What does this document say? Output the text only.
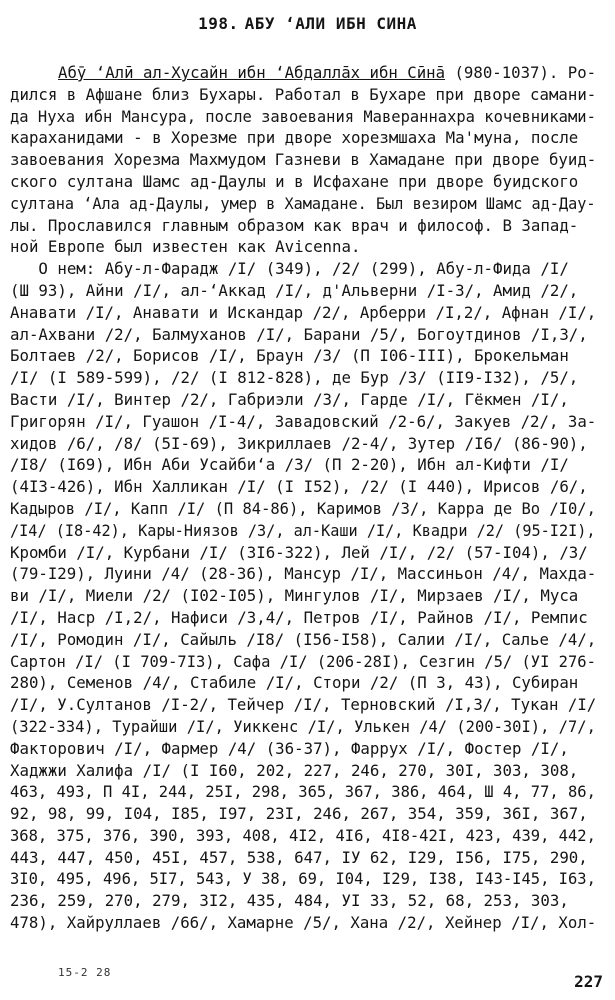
198. АБУ ʻАЛИ ИБН СИНА
Абӯ ʻАлӣ ал-Хусайн ибн ʻАбдаллāх ибн Сӣнā (980-1037). Ро-
дился в Афшане близ Бухары. Работал в Бухаре при дворе самани-
да Нуха ибн Мансура, после завоевания Мавераннахра кочевниками-
караханидами - в Хорезме при дворе хорезмшаха Ма'муна, после
завоевания Хорезма Махмудом Газневи в Хамадане при дворе буид-
ского султана Шамс ад-Даулы и в Исфахане при дворе буидского
султана ʻАла ад-Даулы, умер в Хамадане. Был везиром Шамс ад-Дау-
лы. Прославился главным образом как врач и философ. В Запад-
ной Европе был известен как Avicenna.
О нем: Абу-л-Фарадж /I/ (349), /2/ (299), Абу-л-Фида /I/
(Ш 93), Айни /I/, ал-ʻАккад /I/, д'Альверни /I-3/, Амид /2/,
Анавати /I/, Анавати и Искандар /2/, Арберри /I,2/, Афнан /I/,
ал-Ахвани /2/, Балмуханов /I/, Барани /5/, Богоутдинов /I,3/,
Болтаев /2/, Борисов /I/, Браун /3/ (П I06-III), Брокельман
/I/ (I 589-599), /2/ (I 812-828), де Бур /3/ (II9-I32), /5/,
Васти /I/, Винтер /2/, Габриэли /3/, Гарде /I/, Гёкмен /I/,
Григорян /I/, Гуашон /I-4/, Завадовский /2-6/, Закуев /2/, За-
хидов /6/, /8/ (5I-69), Зикриллаев /2-4/, Зутер /I6/ (86-90),
/I8/ (I69), Ибн Аби Усайбиʻа /3/ (П 2-20), Ибн ал-Кифти /I/
(4I3-426), Ибн Халликан /I/ (I I52), /2/ (I 440), Ирисов /6/,
Кадыров /I/, Капп /I/ (П 84-86), Каримов /3/, Карра де Во /I0/,
/I4/ (I8-42), Кары-Ниязов /3/, ал-Каши /I/, Квадри /2/ (95-I2I),
Кромби /I/, Курбани /I/ (3I6-322), Лей /I/, /2/ (57-I04), /3/
(79-I29), Луини /4/ (28-36), Мансур /I/, Массиньон /4/, Махда-
ви /I/, Миели /2/ (I02-I05), Мингулов /I/, Мирзаев /I/, Муса
/I/, Наср /I,2/, Нафиси /3,4/, Петров /I/, Райнов /I/, Ремпис
/I/, Ромодин /I/, Сайыль /I8/ (I56-I58), Салии /I/, Салье /4/,
Сартон /I/ (I 709-7I3), Сафа /I/ (206-28I), Сезгин /5/ (УI 276-
280), Семенов /4/, Стабиле /I/, Стори /2/ (П 3, 43), Субиран
/I/, У.Султанов /I-2/, Тейчер /I/, Терновский /I,3/, Тукан /I/
(322-334), Турайши /I/, Уиккенс /I/, Улькен /4/ (200-30I), /7/,
Факторович /I/, Фармер /4/ (36-37), Фаррух /I/, Фостер /I/,
Хаджжи Халифа /I/ (I I60, 202, 227, 246, 270, 30I, 303, 308,
463, 493, П 4I, 244, 25I, 298, 365, 367, 386, 464, Ш 4, 77, 86,
92, 98, 99, I04, I85, I97, 23I, 246, 267, 354, 359, 36I, 367,
368, 375, 376, 390, 393, 408, 4I2, 4I6, 4I8-42I, 423, 439, 442,
443, 447, 450, 45I, 457, 538, 647, IУ 62, I29, I56, I75, 290,
3I0, 495, 496, 5I7, 543, У 38, 69, I04, I29, I38, I43-I45, I63,
236, 259, 270, 279, 3I2, 435, 484, УI 33, 52, 68, 253, 303,
478), Хайруллаев /66/, Хамарне /5/, Хана /2/, Хейнер /I/, Хол-
15-2 28	227
